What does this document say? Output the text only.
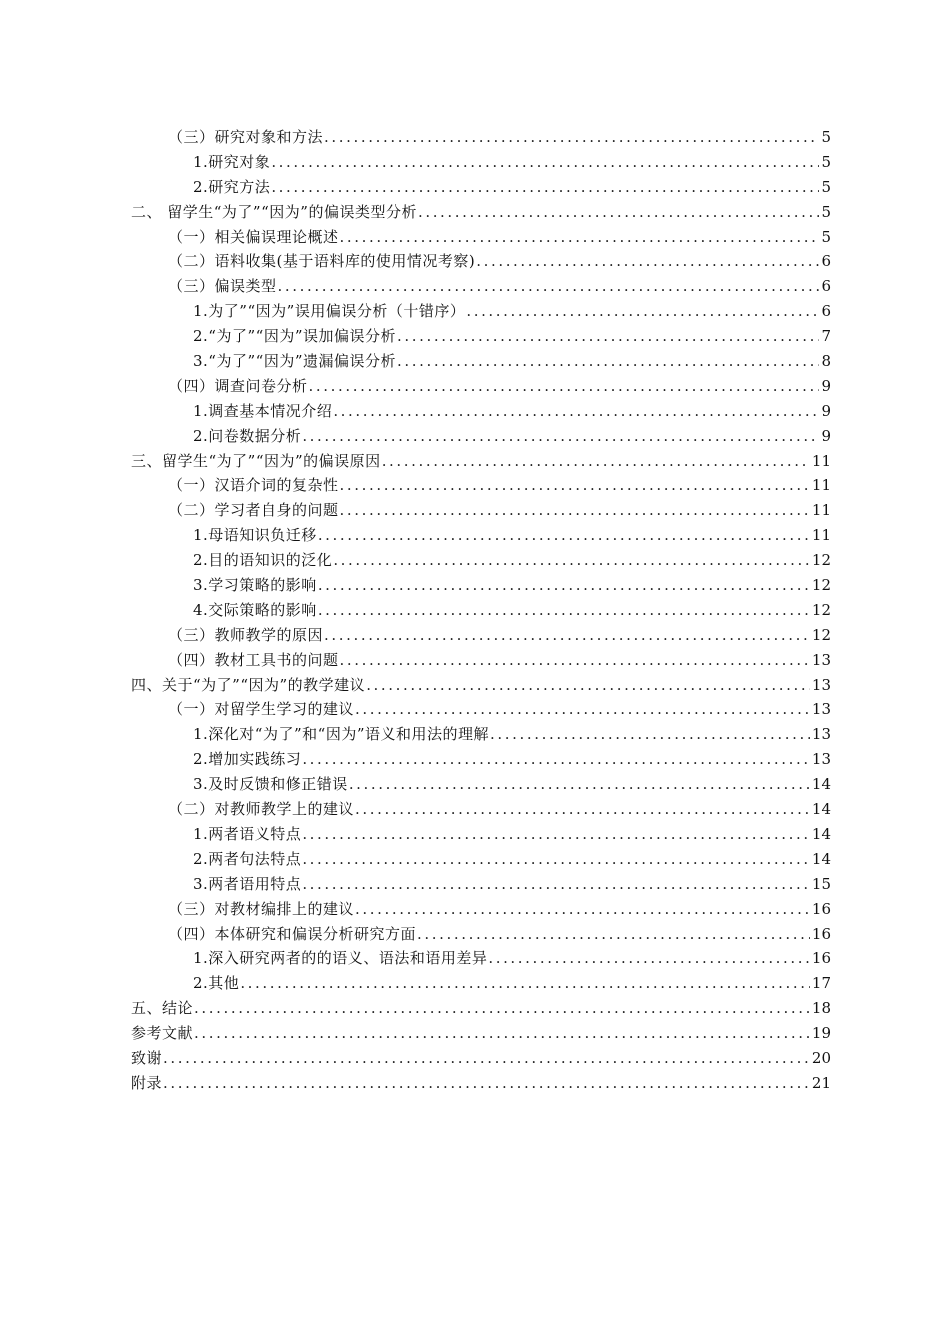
（三）研究对象和方法 .....	5
1.研究对象 .....	5
2.研究方法 .....	5
二、 留学生“为了”“因为”的偏误类型分析 .....	5
（一）相关偏误理论概述 .....	5
（二）语料收集(基于语料库的使用情况考察) .....	6
（三）偏误类型 .....	6
1.为了”“因为”误用偏误分析（十错序） .....	6
2.“为了”“因为”误加偏误分析 .....	7
3.“为了”“因为”遗漏偏误分析 .....	8
（四）调查问卷分析 .....	9
1.调查基本情况介绍 .....	9
2.问卷数据分析 .....	9
三、留学生“为了”“因为”的偏误原因 .....	11
（一）汉语介词的复杂性 .....	11
（二）学习者自身的问题 .....	11
1.母语知识负迁移 .....	11
2.目的语知识的泛化 .....	12
3.学习策略的影响 .....	12
4.交际策略的影响 .....	12
（三）教师教学的原因 .....	12
（四）教材工具书的问题 .....	13
四、关于“为了”“因为”的教学建议 .....	13
（一）对留学生学习的建议 .....	13
1.深化对“为了”和“因为”语义和用法的理解 .....	13
2.增加实践练习 .....	13
3.及时反馈和修正错误 .....	14
（二）对教师教学上的建议 .....	14
1.两者语义特点 .....	14
2.两者句法特点 .....	14
3.两者语用特点 .....	15
（三）对教材编排上的建议 .....	16
（四）本体研究和偏误分析研究方面 .....	16
1.深入研究两者的的语义、语法和语用差异 .....	16
2.其他 .....	17
五、结论 .....	18
参考文献 .....	19
致谢 .....	20
附录 .....	21
